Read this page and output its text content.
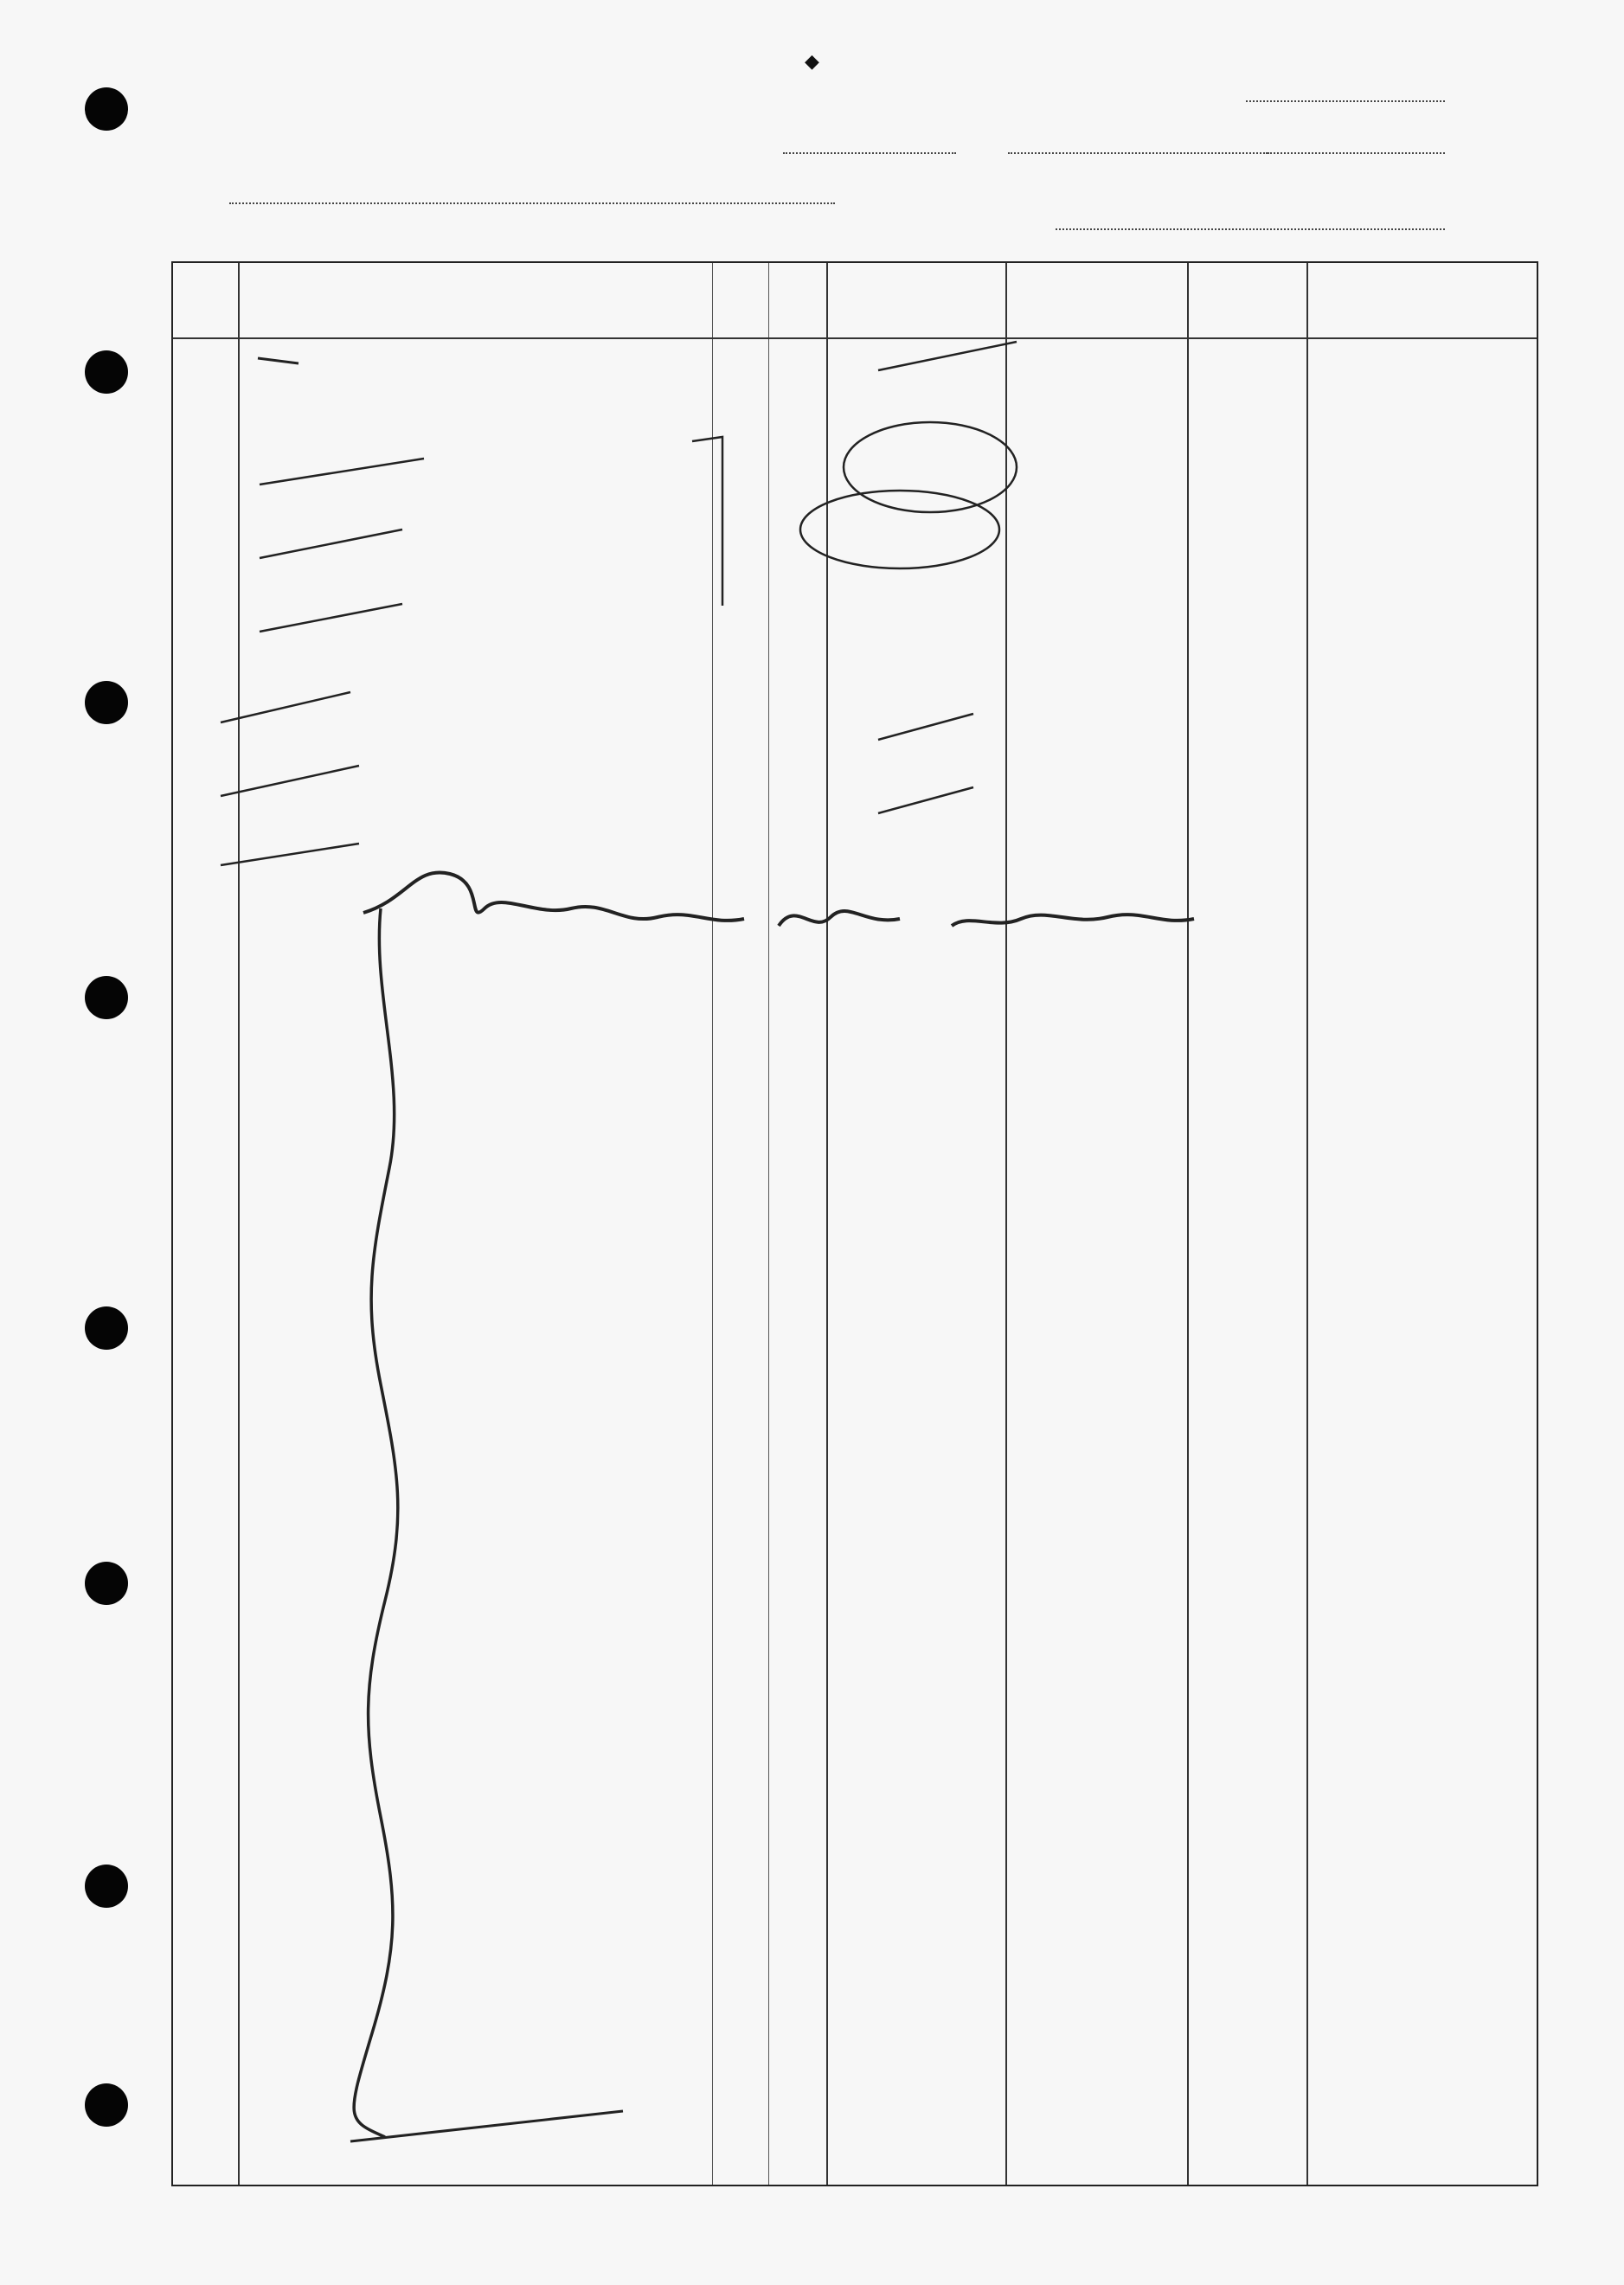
◆
